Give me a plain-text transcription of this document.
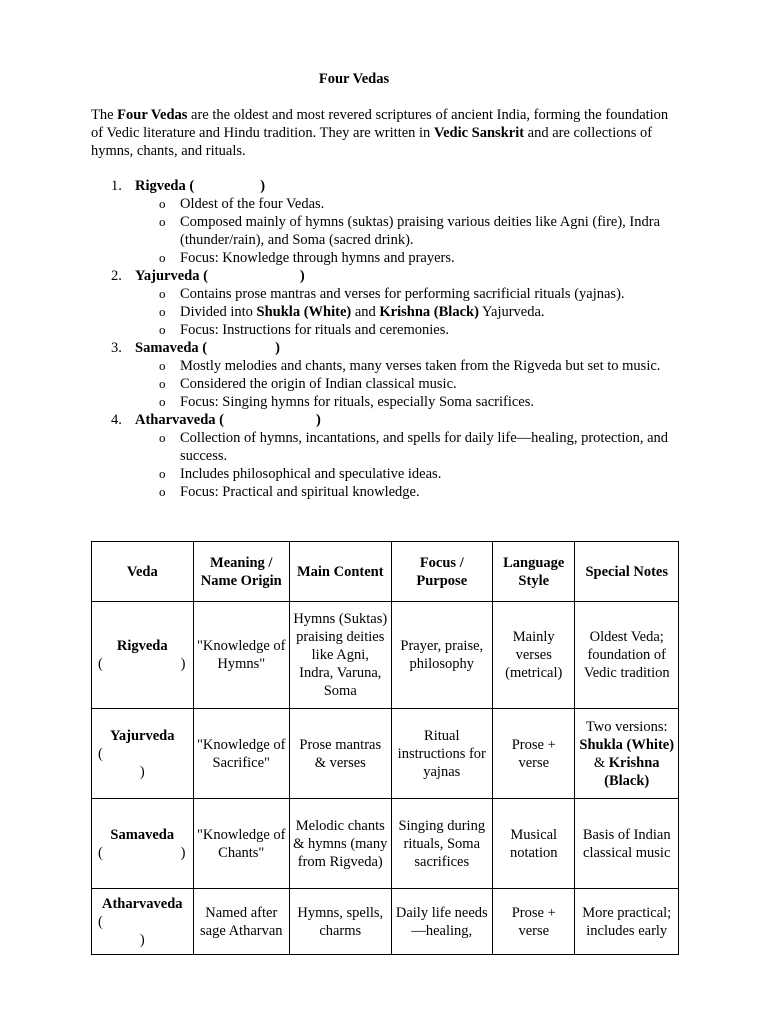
Four Vedas
The Four Vedas are the oldest and most revered scriptures of ancient India, forming the foundation of Vedic literature and Hindu tradition. They are written in Vedic Sanskrit and are collections of hymns, chants, and rituals.
1. Rigveda (	)
o Oldest of the four Vedas.
o Composed mainly of hymns (suktas) praising various deities like Agni (fire), Indra (thunder/rain), and Soma (sacred drink).
o Focus: Knowledge through hymns and prayers.
2. Yajurveda (	)
o Contains prose mantras and verses for performing sacrificial rituals (yajnas).
o Divided into Shukla (White) and Krishna (Black) Yajurveda.
o Focus: Instructions for rituals and ceremonies.
3. Samaveda (	)
o Mostly melodies and chants, many verses taken from the Rigveda but set to music.
o Considered the origin of Indian classical music.
o Focus: Singing hymns for rituals, especially Soma sacrifices.
4. Atharvaveda (	)
o Collection of hymns, incantations, and spells for daily life—healing, protection, and success.
o Includes philosophical and speculative ideas.
o Focus: Practical and spiritual knowledge.
Veda	Meaning / Name Origin	Main Content	Focus / Purpose	Language Style	Special Notes
Rigveda
( )	"Knowledge of Hymns"	Hymns (Suktas) praising deities like Agni, Indra, Varuna, Soma	Prayer, praise, philosophy	Mainly verses (metrical)	Oldest Veda; foundation of Vedic tradition
Yajurveda
(
)	"Knowledge of Sacrifice"	Prose mantras & verses	Ritual instructions for yajnas	Prose + verse	Two versions: Shukla (White) & Krishna (Black)
Samaveda
( )	"Knowledge of Chants"	Melodic chants & hymns (many from Rigveda)	Singing during rituals, Soma sacrifices	Musical notation	Basis of Indian classical music
Atharvaveda
(
)	Named after sage Atharvan	Hymns, spells, charms	Daily life needs—healing,	Prose + verse	More practical; includes early
